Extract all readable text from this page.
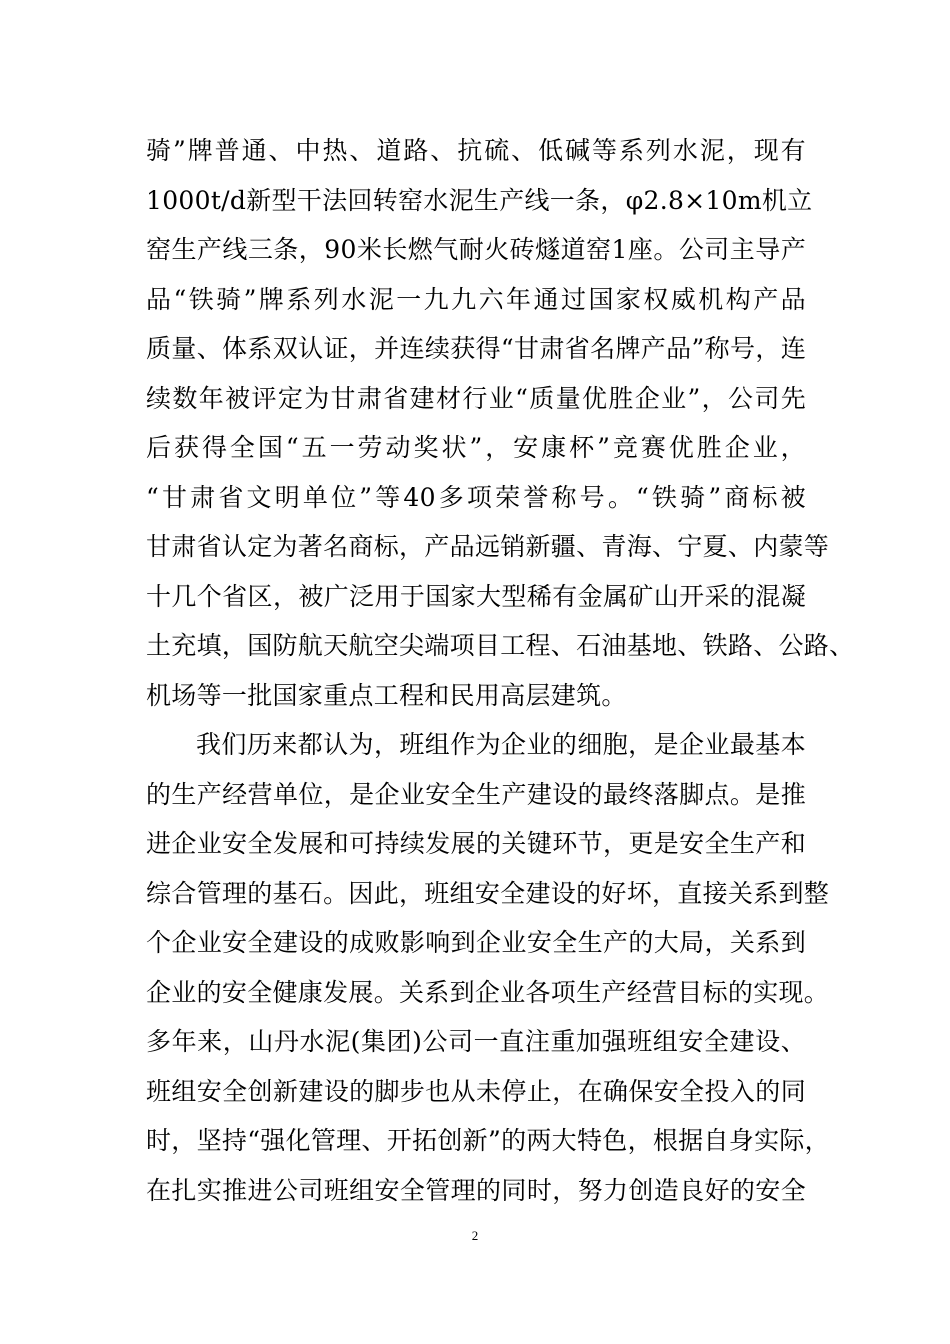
骑”牌普通、中热、道路、抗硫、低碱等系列水泥，现有
1000t/d新型干法回转窑水泥生产线一条，φ2.8×10m机立
窑生产线三条，90米长燃气耐火砖燧道窑1座。公司主导产
品“铁骑”牌系列水泥一九九六年通过国家权威机构产品
质量、体系双认证，并连续获得“甘肃省名牌产品”称号，连
续数年被评定为甘肃省建材行业“质量优胜企业”，公司先
后获得全国“五一劳动奖状”，安康杯”竞赛优胜企业，
“甘肃省文明单位”等40多项荣誉称号。“铁骑”商标被
甘肃省认定为著名商标，产品远销新疆、青海、宁夏、内蒙等
十几个省区，被广泛用于国家大型稀有金属矿山开采的混凝
土充填，国防航天航空尖端项目工程、石油基地、铁路、公路、
机场等一批国家重点工程和民用高层建筑。
我们历来都认为，班组作为企业的细胞，是企业最基本
的生产经营单位，是企业安全生产建设的最终落脚点。是推
进企业安全发展和可持续发展的关键环节，更是安全生产和
综合管理的基石。因此，班组安全建设的好坏，直接关系到整
个企业安全建设的成败影响到企业安全生产的大局，关系到
企业的安全健康发展。关系到企业各项生产经营目标的实现。
多年来，山丹水泥(集团)公司一直注重加强班组安全建设、
班组安全创新建设的脚步也从未停止，在确保安全投入的同
时，坚持“强化管理、开拓创新”的两大特色，根据自身实际，
在扎实推进公司班组安全管理的同时，努力创造良好的安全
2
